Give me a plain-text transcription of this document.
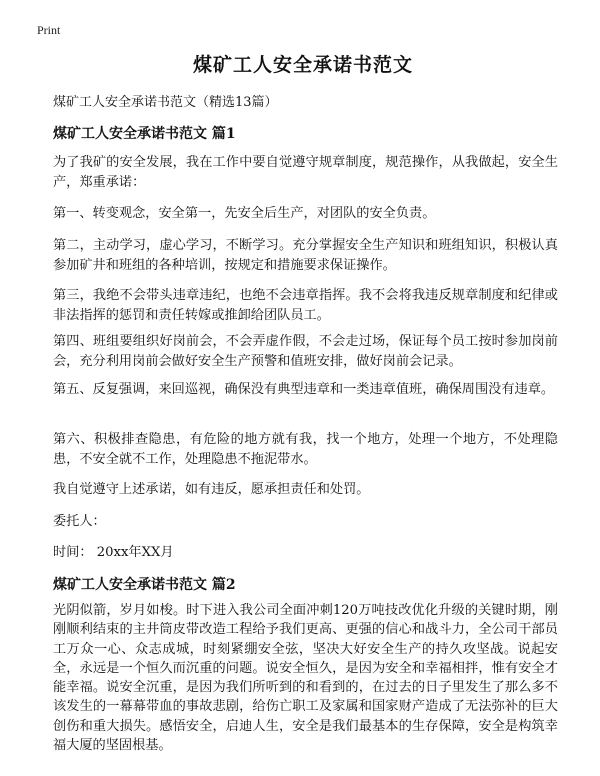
Print
煤矿工人安全承诺书范文
煤矿工人安全承诺书范文（精选13篇）
煤矿工人安全承诺书范文 篇1
为了我矿的安全发展，我在工作中要自觉遵守规章制度，规范操作，从我做起，安全生产，郑重承诺：
第一、转变观念，安全第一，先安全后生产，对团队的安全负责。
第二，主动学习，虚心学习，不断学习。充分掌握安全生产知识和班组知识，积极认真参加矿井和班组的各种培训，按规定和措施要求保证操作。
第三，我绝不会带头违章违纪，也绝不会违章指挥。我不会将我违反规章制度和纪律或非法指挥的惩罚和责任转嫁或推卸给团队员工。
第四、班组要组织好岗前会，不会弄虚作假，不会走过场，保证每个员工按时参加岗前会，充分利用岗前会做好安全生产预警和值班安排，做好岗前会记录。
第五、反复强调，来回巡视，确保没有典型违章和一类违章值班，确保周围没有违章。
第六、积极排查隐患，有危险的地方就有我，找一个地方，处理一个地方，不处理隐患，不安全就不工作，处理隐患不拖泥带水。
我自觉遵守上述承诺，如有违反，愿承担责任和处罚。
委托人：
时间： 20xx年XX月
煤矿工人安全承诺书范文 篇2
光阴似箭，岁月如梭。时下进入我公司全面冲刺120万吨技改优化升级的关键时期，刚刚顺利结束的主井筒皮带改造工程给予我们更高、更强的信心和战斗力，全公司干部员工万众一心、众志成城，时刻紧绷安全弦，坚决大好安全生产的持久攻坚战。说起安全，永远是一个恒久而沉重的问题。说安全恒久，是因为安全和幸福相拌，惟有安全才能幸福。说安全沉重，是因为我们所听到的和看到的，在过去的日子里发生了那么多不该发生的一幕幕带血的事故悲剧，给伤亡职工及家属和国家财产造成了无法弥补的巨大创伤和重大损失。感悟安全，启迪人生，安全是我们最基本的生存保障，安全是构筑幸福大厦的坚固根基。
